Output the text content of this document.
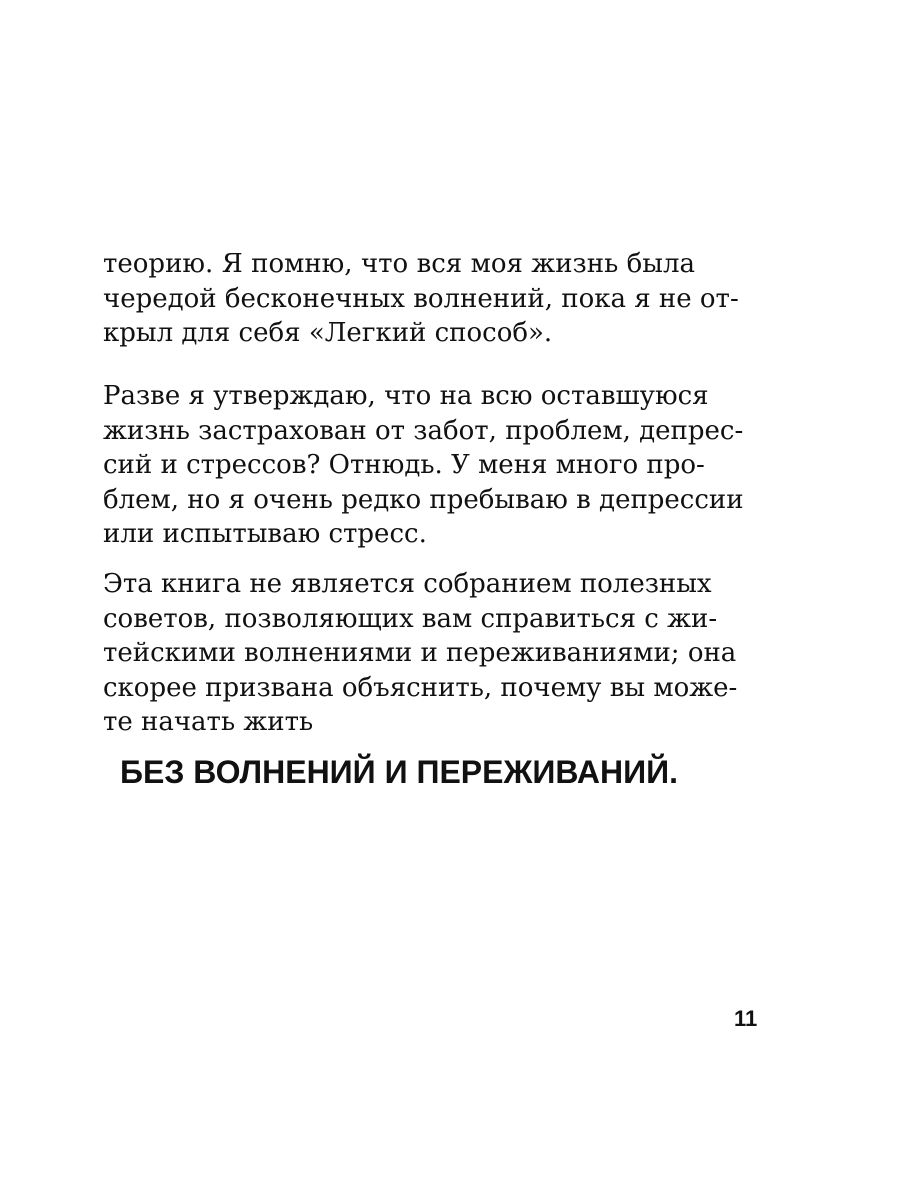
теорию. Я помню, что вся моя жизнь была
чередой бесконечных волнений, пока я не от-
крыл для себя «Легкий способ».
Разве я утверждаю, что на всю оставшуюся
жизнь застрахован от забот, проблем, депрес-
сий и стрессов? Отнюдь. У меня много про-
блем, но я очень редко пребываю в депрессии
или испытываю стресс.
Эта книга не является собранием полезных
советов, позволяющих вам справиться с жи-
тейскими волнениями и переживаниями; она
скорее призвана объяснить, почему вы може-
те начать жить
БЕЗ ВОЛНЕНИЙ И ПЕРЕЖИВАНИЙ.
11
